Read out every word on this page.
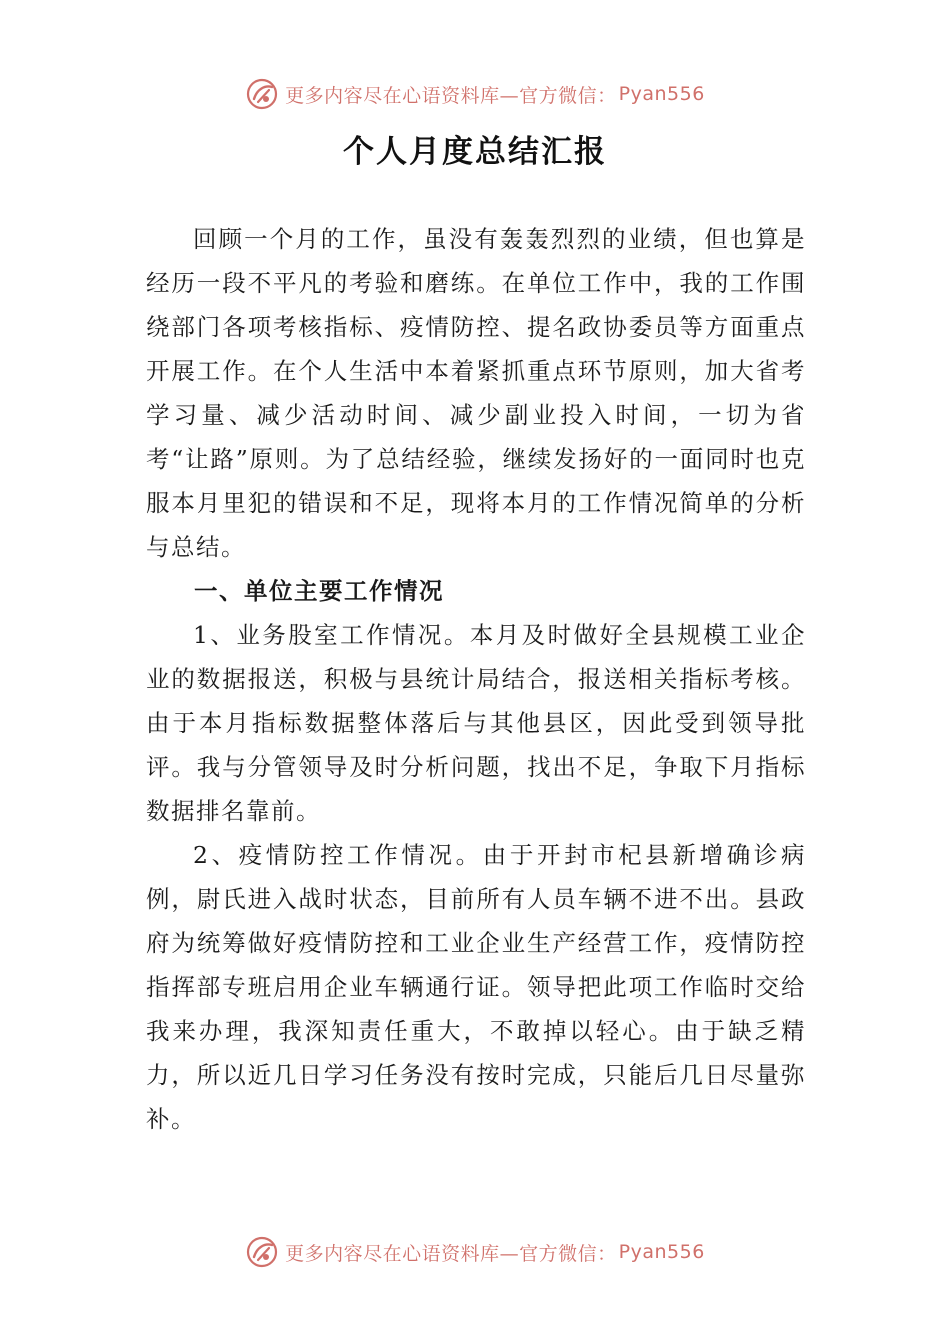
更多内容尽在心语资料库—官方微信： Pyan556
个人月度总结汇报

回顾一个月的工作，虽没有轰轰烈烈的业绩，但也算是经历一段不平凡的考验和磨练。在单位工作中，我的工作围绕部门各项考核指标、疫情防控、提名政协委员等方面重点开展工作。在个人生活中本着紧抓重点环节原则，加大省考学习量、减少活动时间、减少副业投入时间，一切为省考“让路”原则。为了总结经验，继续发扬好的一面同时也克服本月里犯的错误和不足，现将本月的工作情况简单的分析与总结。

一、单位主要工作情况

1、业务股室工作情况。本月及时做好全县规模工业企业的数据报送，积极与县统计局结合，报送相关指标考核。由于本月指标数据整体落后与其他县区，因此受到领导批评。我与分管领导及时分析问题，找出不足，争取下月指标数据排名靠前。

2、疫情防控工作情况。由于开封市杞县新增确诊病例，尉氏进入战时状态，目前所有人员车辆不进不出。县政府为统筹做好疫情防控和工业企业生产经营工作，疫情防控指挥部专班启用企业车辆通行证。领导把此项工作临时交给我来办理，我深知责任重大，不敢掉以轻心。由于缺乏精力，所以近几日学习任务没有按时完成，只能后几日尽量弥补。

更多内容尽在心语资料库—官方微信： Pyan556
